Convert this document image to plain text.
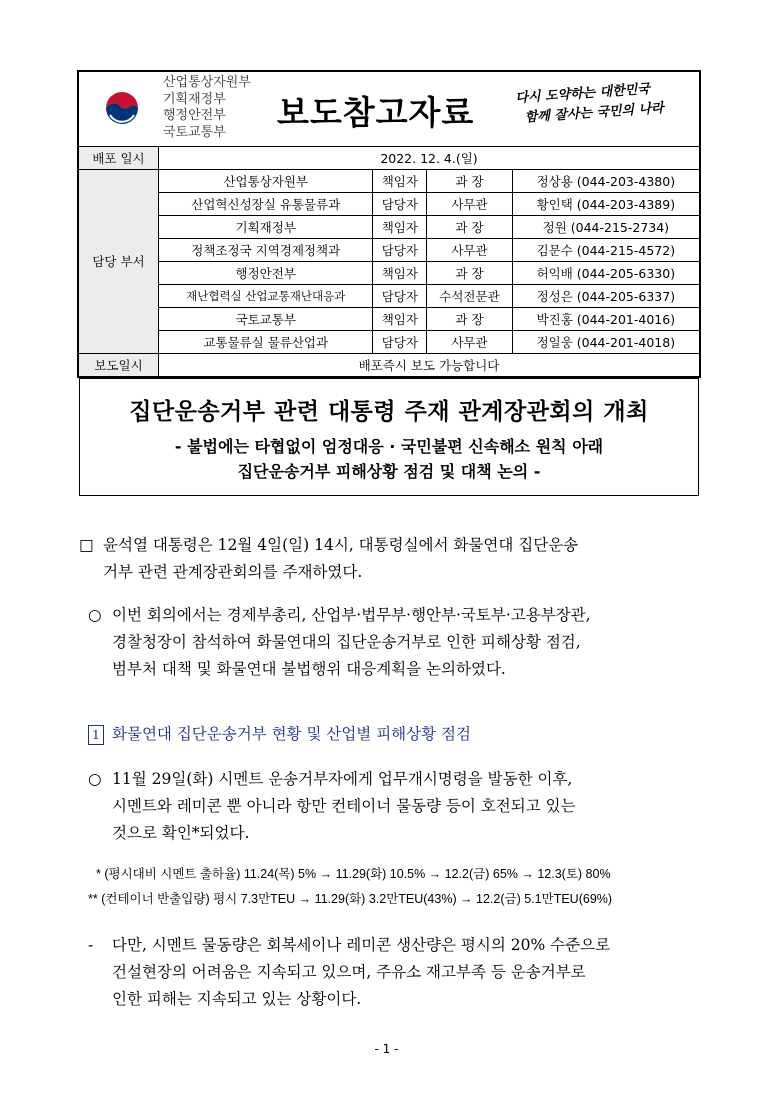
산업통상자원부
기획재정부
행정안전부
국토교통부	보도참고자료	다시 도약하는 대한민국
함께 잘사는 국민의 나라
배포 일시	2022. 12. 4.(일)			
담당 부서	산업통상자원부	책임자	과 장	정상용 (044-203-4380)
	산업혁신성장실 유통물류과	담당자	사무관	황인택 (044-203-4389)
	기획재정부	책임자	과 장	정원 (044-215-2734)
	정책조정국 지역경제정책과	담당자	사무관	김문수 (044-215-4572)
	행정안전부	책임자	과 장	허익배 (044-205-6330)
	재난협력실 산업교통재난대응과	담당자	수석전문관	정성은 (044-205-6337)
	국토교통부	책임자	과 장	박진홍 (044-201-4016)
	교통물류실 물류산업과	담당자	사무관	정일웅 (044-201-4018)
보도일시	배포즉시 보도 가능합니다			
집단운송거부 관련 대통령 주재 관계장관회의 개최
- 불법에는 타협없이 엄정대응 · 국민불편 신속해소 원칙 아래
집단운송거부 피해상황 점검 및 대책 논의 -
□ 윤석열 대통령은 12월 4일(일) 14시, 대통령실에서 화물연대 집단운송
거부 관련 관계장관회의를 주재하였다.
○ 이번 회의에서는 경제부총리, 산업부·법무부·행안부·국토부·고용부장관,
경찰청장이 참석하여 화물연대의 집단운송거부로 인한 피해상황 점검,
범부처 대책 및 화물연대 불법행위 대응계획을 논의하였다.
1 화물연대 집단운송거부 현황 및 산업별 피해상황 점검
○ 11월 29일(화) 시멘트 운송거부자에게 업무개시명령을 발동한 이후,
시멘트와 레미콘 뿐 아니라 항만 컨테이너 물동량 등이 호전되고 있는
것으로 확인*되었다.
* (평시대비 시멘트 출하율) 11.24(목) 5% → 11.29(화) 10.5% → 12.2(금) 65% → 12.3(토) 80%
** (컨테이너 반출입량) 평시 7.3만TEU → 11.29(화) 3.2만TEU(43%) → 12.2(금) 5.1만TEU(69%)
- 다만, 시멘트 물동량은 회복세이나 레미콘 생산량은 평시의 20% 수준으로
건설현장의 어려움은 지속되고 있으며, 주유소 재고부족 등 운송거부로
인한 피해는 지속되고 있는 상황이다.
- 1 -
